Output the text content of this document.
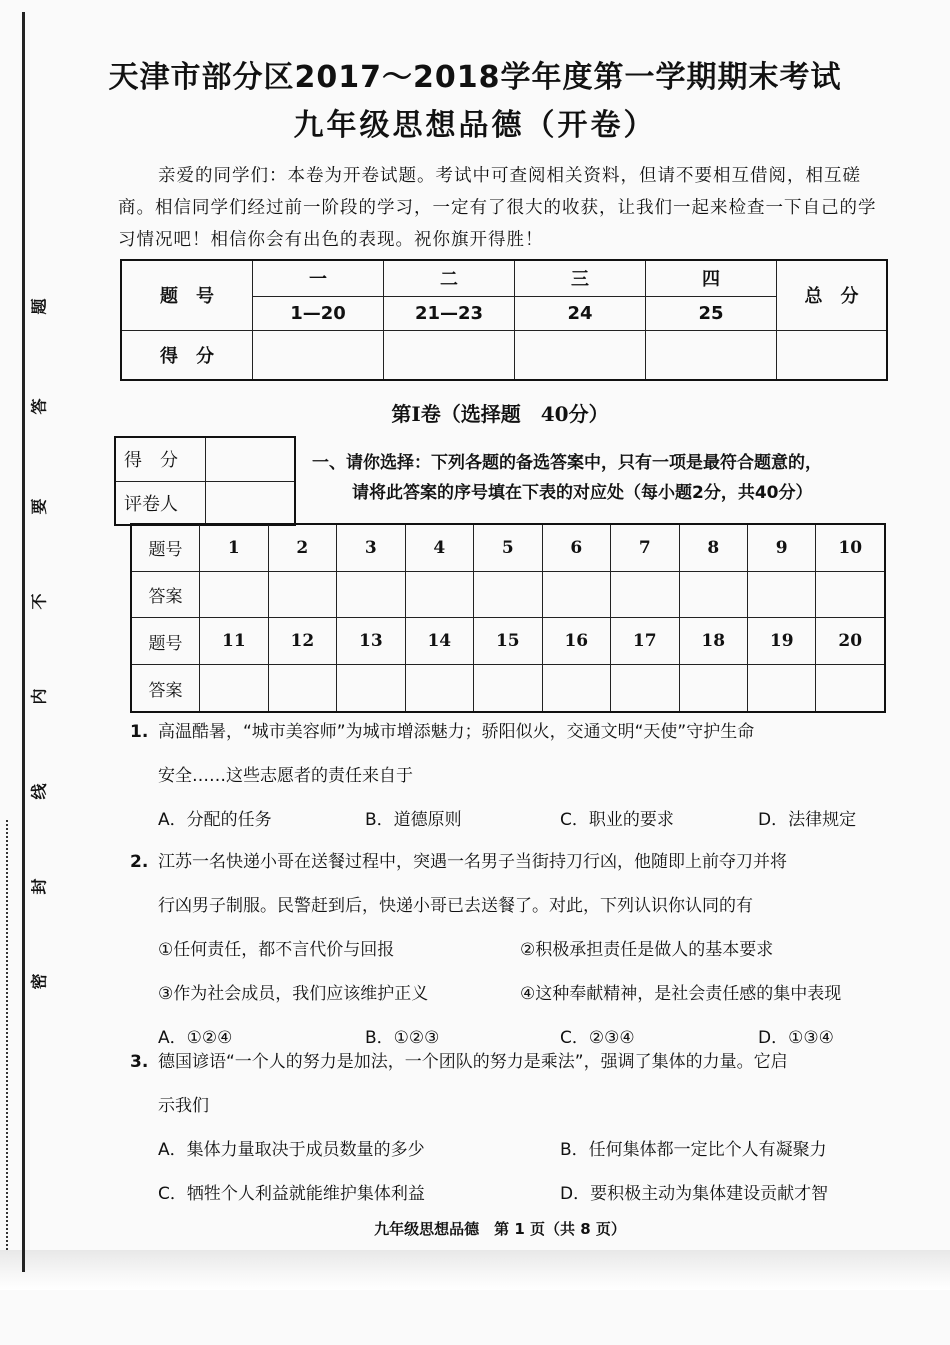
题
答
要
不
内
线
封
密
天津市部分区2017～2018学年度第一学期期末考试
九年级思想品德（开卷）
亲爱的同学们：本卷为开卷试题。考试中可查阅相关资料，但请不要相互借阅，相互磋商。相信同学们经过前一阶段的学习，一定有了很大的收获，让我们一起来检查一下自己的学习情况吧！相信你会有出色的表现。祝你旗开得胜！
题　号	一	二	三	四	总　分
	1—20	21—23	24	25	
得　分					
第Ⅰ卷（选择题　40分）
得　分	
评卷人	
一、请你选择：下列各题的备选答案中，只有一项是最符合题意的，
请将此答案的序号填在下表的对应处（每小题2分，共40分）
题号	1	2	3	4	5	6	7	8	9	10
答案										
题号	11	12	13	14	15	16	17	18	19	20
答案										
1. 高温酷暑，“城市美容师”为城市增添魅力；骄阳似火，交通文明“天使”守护生命
安全……这些志愿者的责任来自于
A．分配的任务	B．道德原则	C．职业的要求	D．法律规定
2. 江苏一名快递小哥在送餐过程中，突遇一名男子当街持刀行凶，他随即上前夺刀并将
行凶男子制服。民警赶到后，快递小哥已去送餐了。对此，下列认识你认同的有
①任何责任，都不言代价与回报	②积极承担责任是做人的基本要求
③作为社会成员，我们应该维护正义	④这种奉献精神，是社会责任感的集中表现
A．①②④	B．①②③	C．②③④	D．①③④
3. 德国谚语“一个人的努力是加法，一个团队的努力是乘法”，强调了集体的力量。它启
示我们
A．集体力量取决于成员数量的多少	B．任何集体都一定比个人有凝聚力
C．牺牲个人利益就能维护集体利益	D．要积极主动为集体建设贡献才智
九年级思想品德　第 1 页（共 8 页）
